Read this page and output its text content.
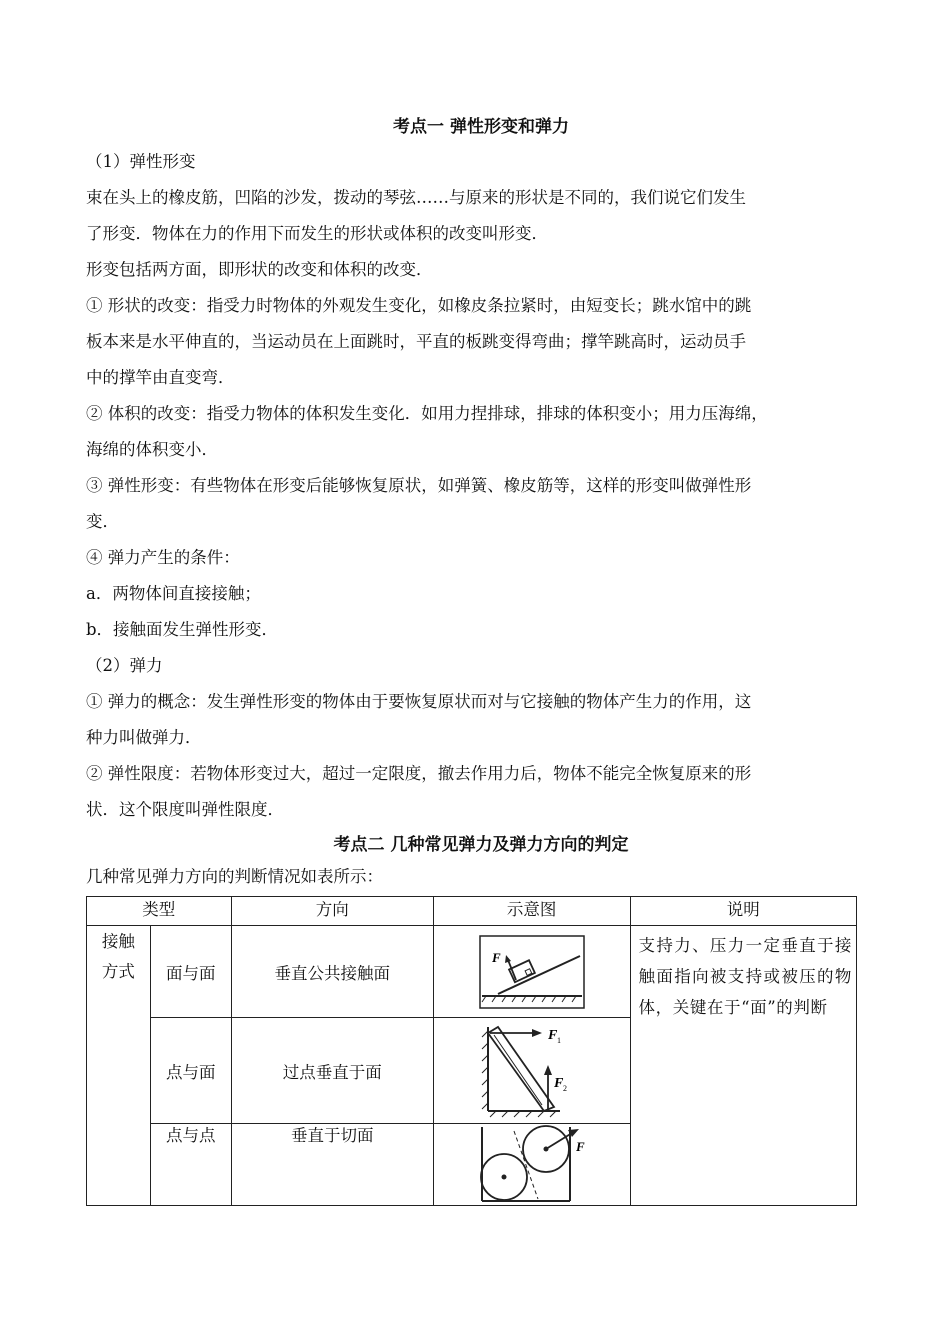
考点一 弹性形变和弹力

（1）弹性形变

束在头上的橡皮筋，凹陷的沙发，拨动的琴弦……与原来的形状是不同的，我们说它们发生

了形变．物体在力的作用下而发生的形状或体积的改变叫形变．

形变包括两方面，即形状的改变和体积的改变．

① 形状的改变：指受力时物体的外观发生变化，如橡皮条拉紧时，由短变长；跳水馆中的跳

板本来是水平伸直的，当运动员在上面跳时，平直的板跳变得弯曲；撑竿跳高时，运动员手

中的撑竿由直变弯．

② 体积的改变：指受力物体的体积发生变化．如用力捏排球，排球的体积变小；用力压海绵，

海绵的体积变小．

③ 弹性形变：有些物体在形变后能够恢复原状，如弹簧、橡皮筋等，这样的形变叫做弹性形

变．

④ 弹力产生的条件：

a．两物体间直接接触；

b．接触面发生弹性形变．

（2）弹力

① 弹力的概念：发生弹性形变的物体由于要恢复原状而对与它接触的物体产生力的作用，这

种力叫做弹力．

② 弹性限度：若物体形变过大，超过一定限度，撤去作用力后，物体不能完全恢复原来的形

状．这个限度叫弹性限度．

考点二 几种常见弹力及弹力方向的判定

几种常见弹力方向的判断情况如表所示：

类型		方向	示意图	说明

接触
方式	面与面	垂直公共接触面	F	支持力、压力一定垂直于接触面指向被支持或被压的物体，关键在于“面”的判断
	点与面	过点垂直于面	F 1
F 2	

	点与点	垂直于切面	F	
